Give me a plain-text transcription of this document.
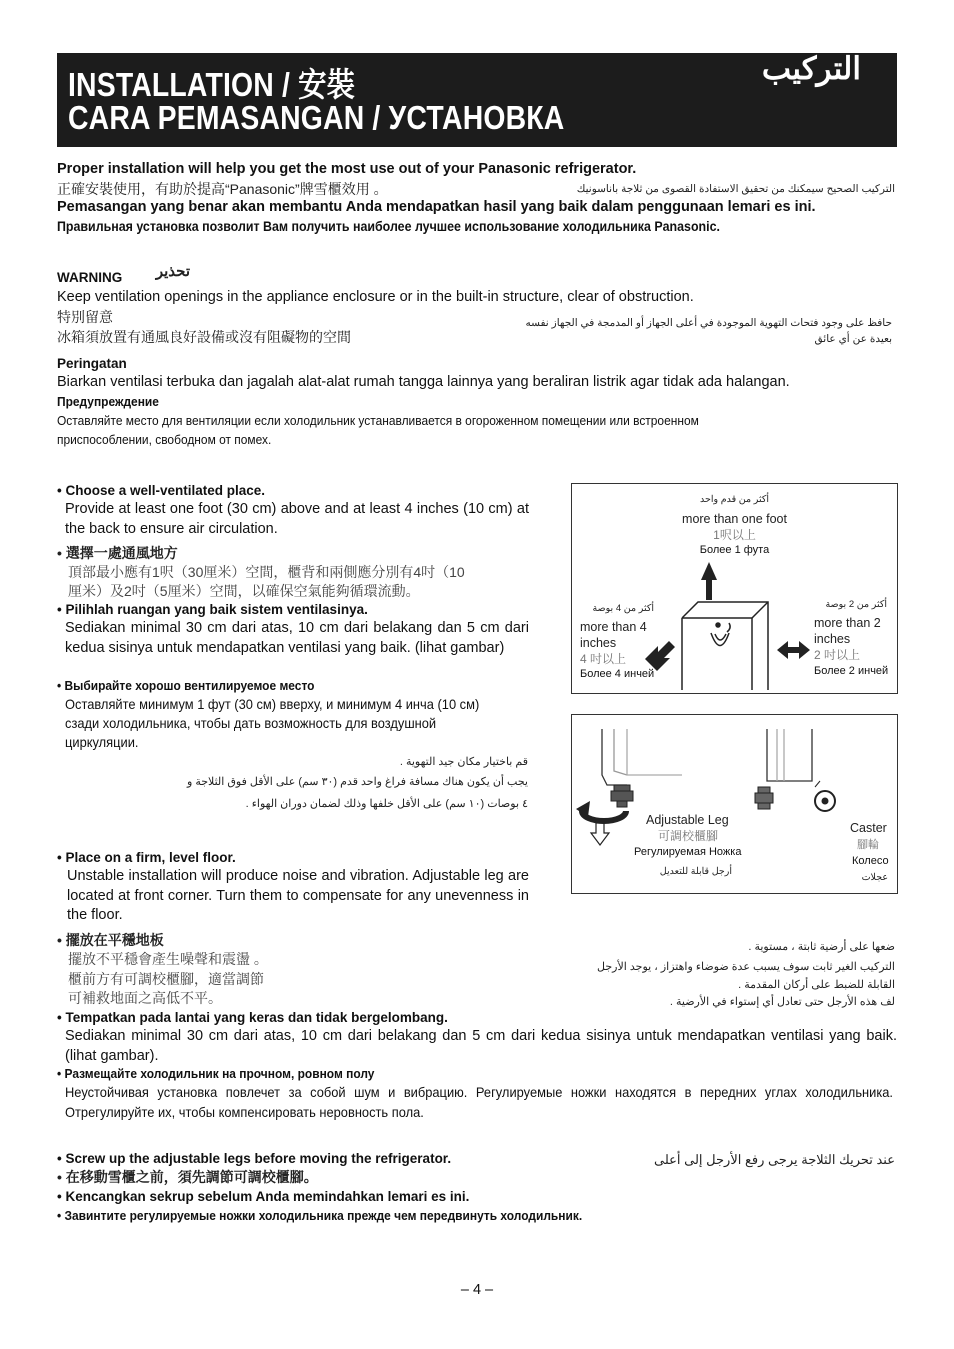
INSTALLATION / 安裝
CARA PEMASANGAN / УСТАНОВКА
التركيب
Proper installation will help you get the most use out of your Panasonic refrigerator.
正確安裝使用，有助於提高“Panasonic”牌雪櫃效用 。	التركيب الصحيح سيمكنك من تحقيق الاستفادة القصوى من ثلاجة باناسونيك
Pemasangan yang benar akan membantu Anda mendapatkan hasil yang baik dalam penggunaan lemari es ini.
Правильная установка позволит Вам получить наиболее лучшее использование холодильника Panasonic.
WARNING	تحذير
Keep ventilation openings in the appliance enclosure or in the built-in structure, clear of obstruction.
特別留意
冰箱須放置有通風良好設備或沒有阻礙物的空間
حافظ على وجود فتحات التهوية الموجودة في أعلى الجهاز أو المدمجة في الجهاز نفسه
بعيدة عن أي عائق
Peringatan
Biarkan ventilasi terbuka dan jagalah alat-alat rumah tangga lainnya yang beraliran listrik agar tidak ada halangan.
Предупреждение
Оставляйте место для вентиляции если холодильник устанавливается в огороженном помещении или встроенном
приспособлении, свободном от помех.
• Choose a well-ventilated place.
Provide at least one foot (30 cm) above and at least 4 inches (10 cm) at the back to ensure air circulation.
• 選擇一處通風地方
頂部最小應有1呎（30厘米）空間，櫃背和兩側應分別有4吋（10
厘米）及2吋（5厘米）空間，以確保空氣能夠循環流動。
• Pilihlah ruangan yang baik sistem ventilasinya.
Sediakan minimal 30 cm dari atas, 10 cm dari belakang dan 5 cm dari kedua sisinya untuk mendapatkan ventilasi yang baik. (lihat gambar)
• Выбирайте хорошо вентилируемое место
Оставляйте минимум 1 фут (30 см) вверху, и минимум 4 инча (10 см)
сзади холодильника, чтобы дать возможность для воздушной
циркуляции.
قم باختيار مكان جيد التهوية .
يجب أن يكون هناك مسافة فراغ واحد قدم (٣٠ سم) على الأقل فوق الثلاجة و
٤ بوصات (١٠ سم) على الأقل خلفها وذلك لضمان دوران الهواء .
أكثر من قدم واحد
more than one foot
1呎以上
Более 1 фута
أكثر من 4 بوصة
more than 4
inches
4 吋以上
Более 4 инчей
أكثر من 2 بوصة
more than 2
inches
2 吋以上
Более 2 инчей
Adjustable Leg
可調校櫃腳
Регулируемая Ножка
أرجل قابلة للتعديل
Caster
腳輪
Колесо
عجلات
• Place on a firm, level floor.
Unstable installation will produce noise and vibration. Adjustable leg are located at front corner. Turn them to compensate for any unevenness in the floor.
• 擺放在平穩地板
擺放不平穩會產生噪聲和震盪 。
櫃前方有可調校櫃腳，適當調節
可補救地面之高低不平。
ضعها على أرضية ثابتة ، مستوية .
التركيب الغير ثابت سوف يسبب عدة ضوضاء واهتزاز ، يوجد الأرجل
القابلة للضبط على أركان المقدمة .
لف هذه الأرجل حتى تعادل أي إستواء في الأرضية .
• Tempatkan pada lantai yang keras dan tidak bergelombang.
Sediakan minimal 30 cm dari atas, 10 cm dari belakang dan 5 cm dari kedua sisinya untuk mendapatkan ventilasi yang baik. (lihat gambar).
• Размещайте холодильник на прочном, ровном полу
Неустойчивая установка повлечет за собой шум и вибрацию. Регулируемые ножки находятся в передних углах холодильника. Отрегулируйте их, чтобы компенсировать неровность пола.
• Screw up the adjustable legs before moving the refrigerator.	عند تحريك الثلاجة يرجى رفع الأرجل إلى أعلى
• 在移動雪櫃之前，須先調節可調校櫃腳。
• Kencangkan sekrup sebelum Anda memindahkan lemari es ini.
• Завинтите регулируемые ножки холодильника прежде чем передвинуть холодильник.
– 4 –
